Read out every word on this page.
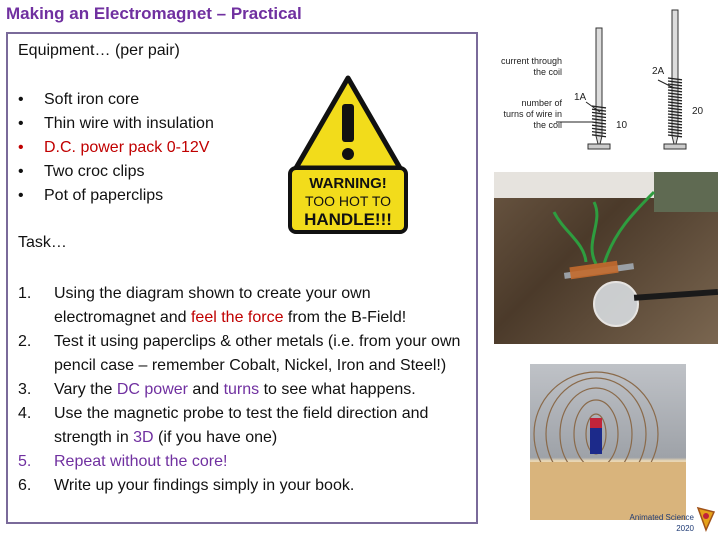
Making an Electromagnet – Practical
Equipment… (per pair)
• Soft iron core
• Thin wire with insulation
• D.C. power pack 0-12V
• Two croc clips
• Pot of paperclips
Task…
1. Using the diagram shown to create your own electromagnet and feel the force from the B-Field!
2. Test it using paperclips & other metals (i.e. from your own pencil case – remember Cobalt, Nickel, Iron and Steel!)
3. Vary the DC power and turns to see what happens.
4. Use the magnetic probe to test the field direction and strength in 3D (if you have one)
5. Repeat without the core!
6. Write up your findings simply in your book.
WARNING!
TOO HOT TO
HANDLE!!!
current through the coil
number of turns of wire in the coil
1A
2A
10
20
Animated Science
2020
